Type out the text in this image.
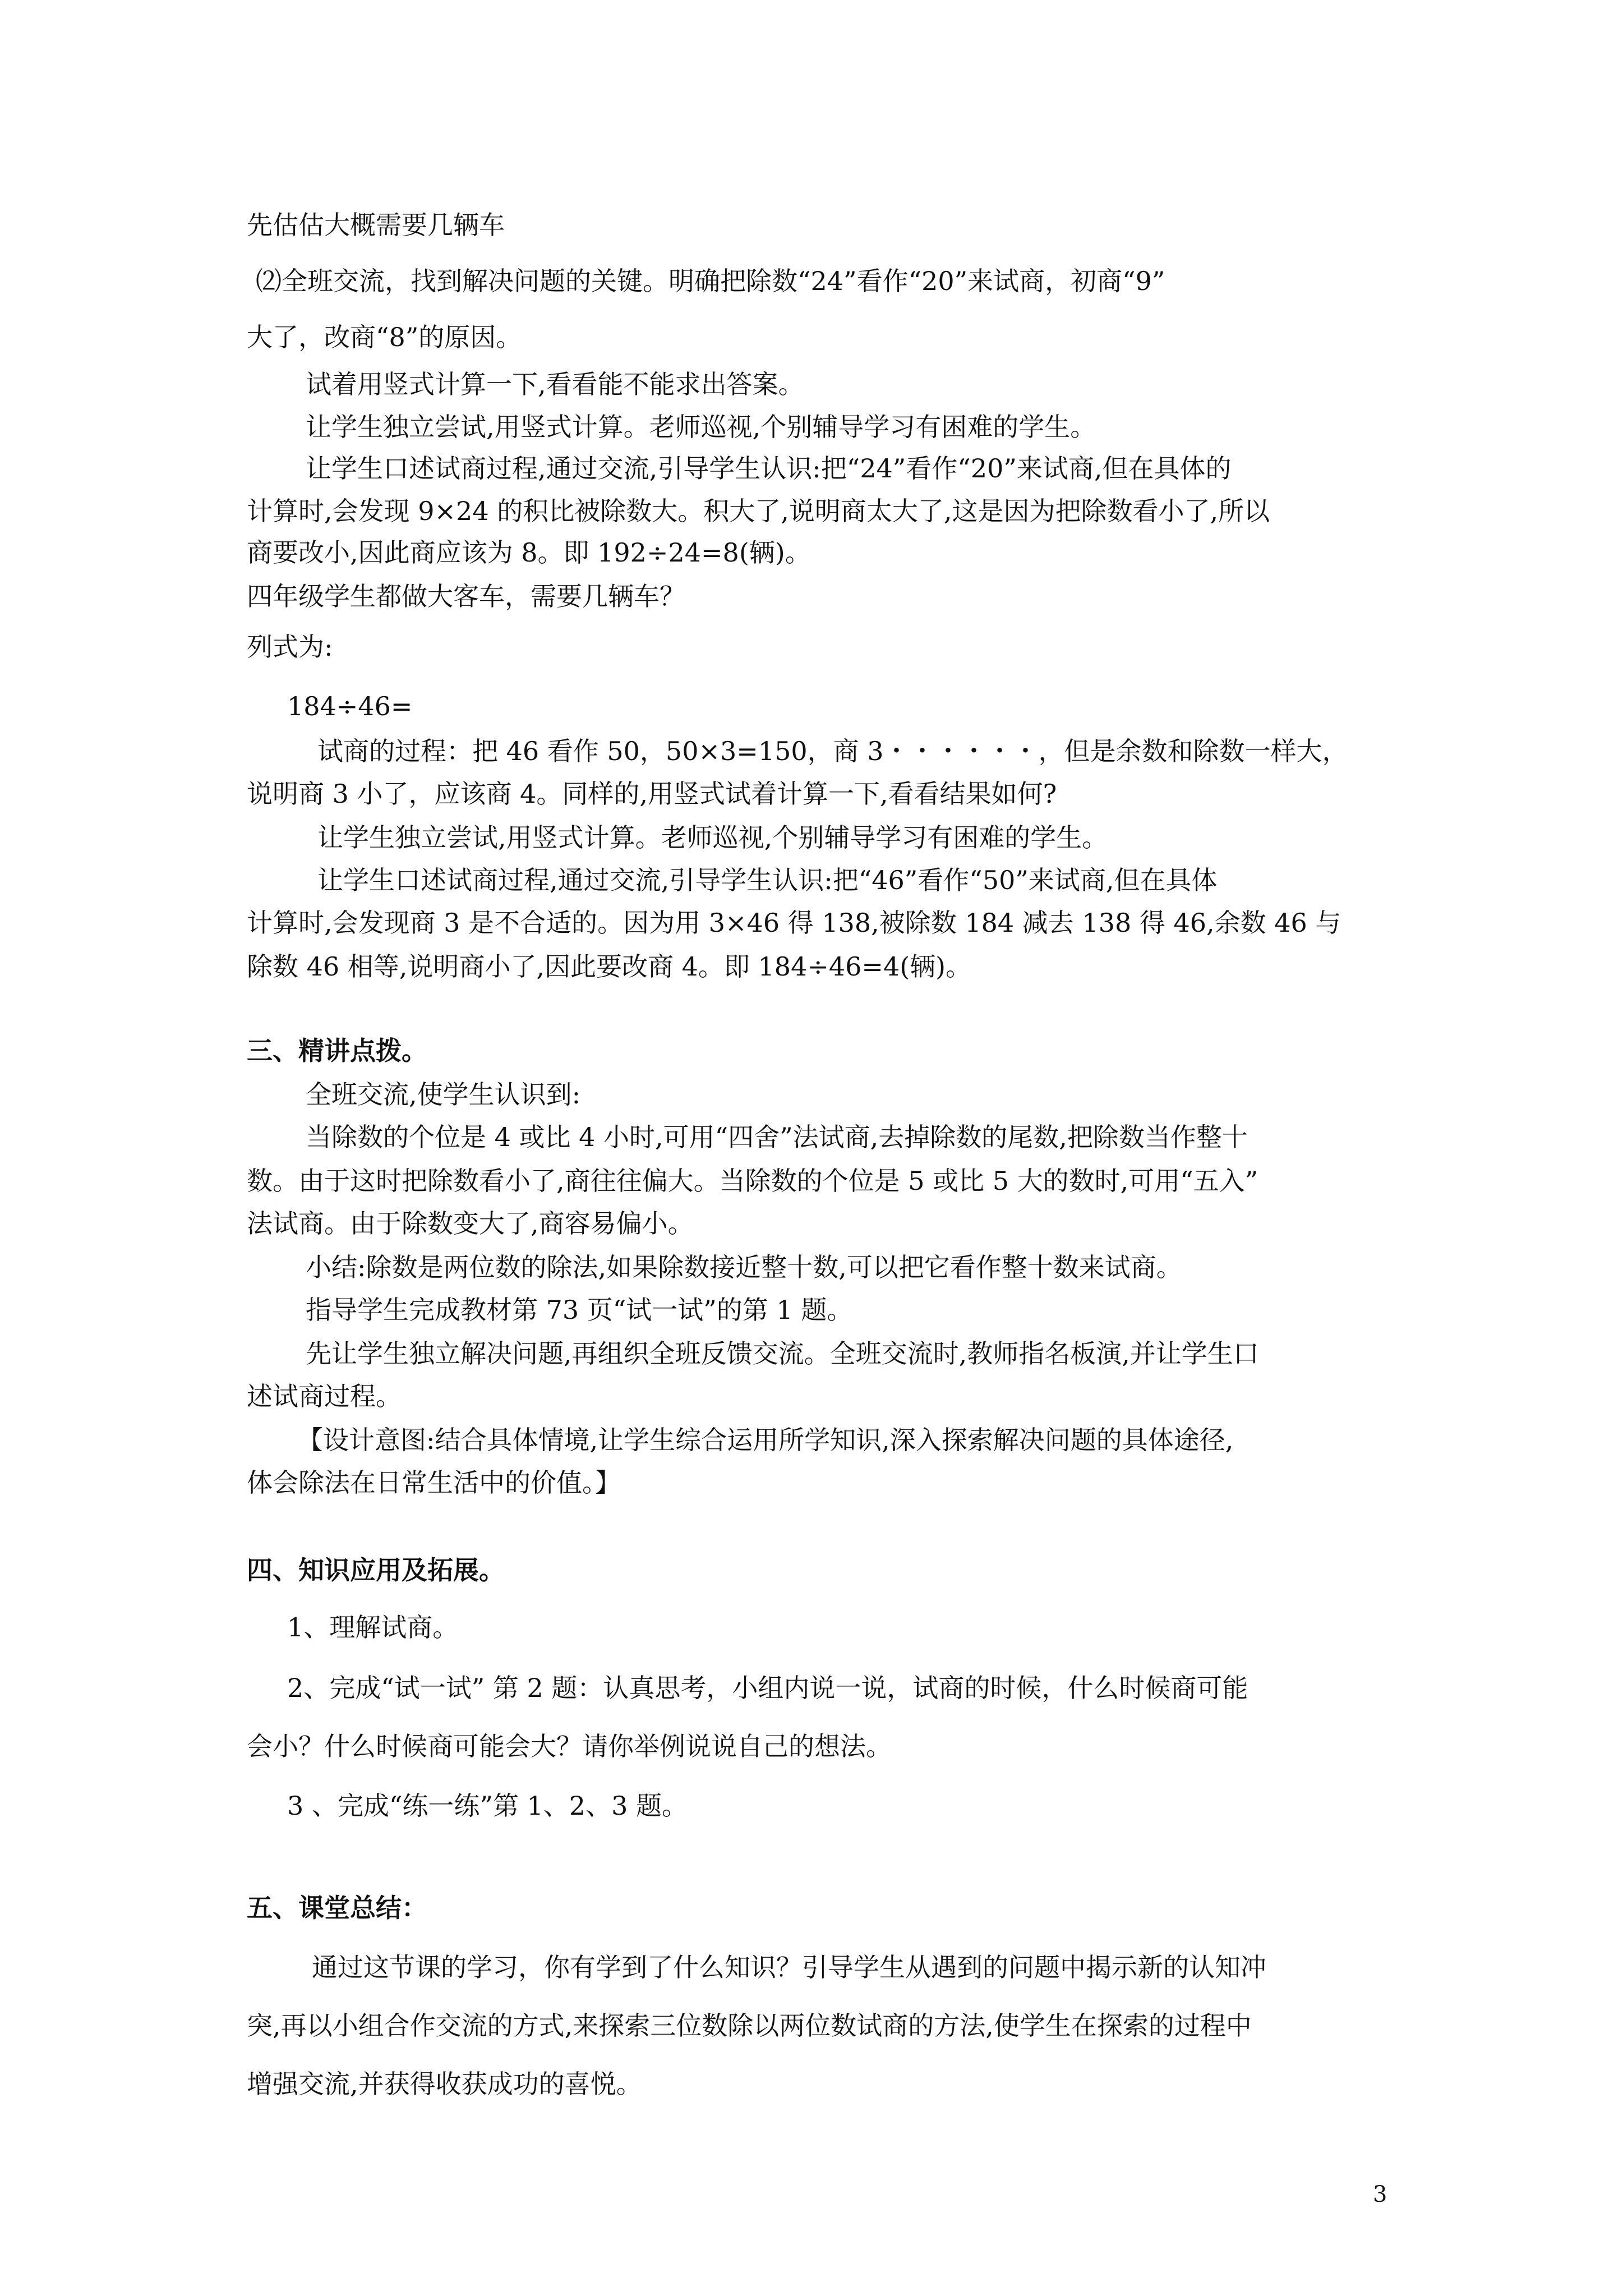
先估估大概需要几辆车
⑵全班交流，找到解决问题的关键。明确把除数“24”看作“20”来试商，初商“9”
大了，改商“8”的原因。
试着用竖式计算一下,看看能不能求出答案。
让学生独立尝试,用竖式计算。老师巡视,个别辅导学习有困难的学生。
让学生口述试商过程,通过交流,引导学生认识:把“24”看作“20”来试商,但在具体的
计算时,会发现 9×24 的积比被除数大。积大了,说明商太大了,这是因为把除数看小了,所以
商要改小,因此商应该为 8。即 192÷24=8(辆)。
四年级学生都做大客车，需要几辆车？
列式为:
184÷46=
试商的过程：把 46 看作 50，50×3=150，商 3・・・・・・，但是余数和除数一样大，
说明商 3 小了，应该商 4。同样的,用竖式试着计算一下,看看结果如何?
让学生独立尝试,用竖式计算。老师巡视,个别辅导学习有困难的学生。
让学生口述试商过程,通过交流,引导学生认识:把“46”看作“50”来试商,但在具体
计算时,会发现商 3 是不合适的。因为用 3×46 得 138,被除数 184 减去 138 得 46,余数 46 与
除数 46 相等,说明商小了,因此要改商 4。即 184÷46=4(辆)。
三、精讲点拨。
全班交流,使学生认识到:
当除数的个位是 4 或比 4 小时,可用“四舍”法试商,去掉除数的尾数,把除数当作整十
数。由于这时把除数看小了,商往往偏大。当除数的个位是 5 或比 5 大的数时,可用“五入”
法试商。由于除数变大了,商容易偏小。
小结:除数是两位数的除法,如果除数接近整十数,可以把它看作整十数来试商。
指导学生完成教材第 73 页“试一试”的第 1 题。
先让学生独立解决问题,再组织全班反馈交流。全班交流时,教师指名板演,并让学生口
述试商过程。
【设计意图:结合具体情境,让学生综合运用所学知识,深入探索解决问题的具体途径,
体会除法在日常生活中的价值。】
四、知识应用及拓展。
1、理解试商。
2、完成“试一试” 第 2 题：认真思考，小组内说一说，试商的时候，什么时候商可能
会小？什么时候商可能会大？请你举例说说自己的想法。
3 、完成“练一练”第 1、2、3 题。
五、课堂总结：
通过这节课的学习，你有学到了什么知识？引导学生从遇到的问题中揭示新的认知冲
突,再以小组合作交流的方式,来探索三位数除以两位数试商的方法,使学生在探索的过程中
增强交流,并获得收获成功的喜悦。
3
